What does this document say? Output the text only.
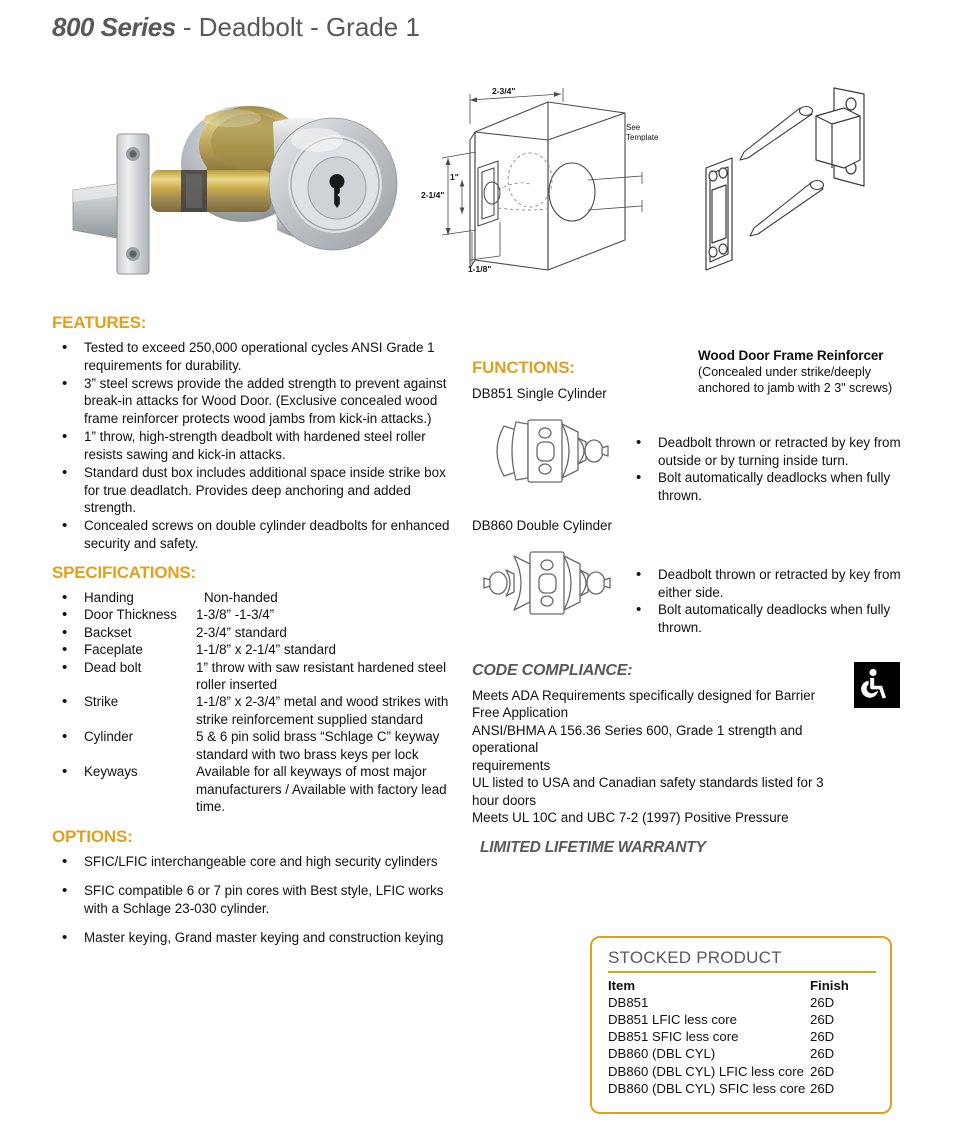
800 Series - Deadbolt - Grade 1
2-3/4"
2-1/4"
1"
1-1/8"
See
Template
Wood Door Frame Reinforcer
(Concealed under strike/deeply
anchored to jamb with 2 3" screws)
FEATURES:
• Tested to exceed 250,000 operational cycles ANSI Grade 1 requirements for durability.
• 3” steel screws provide the added strength to prevent against break-in attacks for Wood Door. (Exclusive concealed wood frame reinforcer protects wood jambs from kick-in attacks.)
• 1” throw, high-strength deadbolt with hardened steel roller resists sawing and kick-in attacks.
• Standard dust box includes additional space inside strike box for true deadlatch. Provides deep anchoring and added strength.
• Concealed screws on double cylinder deadbolts for enhanced security and safety.
SPECIFICATIONS:
• Handing	Non-handed
• Door Thickness	1-3/8” -1-3/4”
• Backset	2-3/4” standard
• Faceplate	1-1/8” x 2-1/4” standard
• Dead bolt	1” throw with saw resistant hardened steel roller inserted
• Strike	1-1/8” x 2-3/4” metal and wood strikes with strike reinforcement supplied standard
• Cylinder	5 & 6 pin solid brass “Schlage C” keyway standard with two brass keys per lock
• Keyways	Available for all keyways of most major manufacturers / Available with factory lead time.
OPTIONS:
• SFIC/LFIC interchangeable core and high security cylinders
• SFIC compatible 6 or 7 pin cores with Best style, LFIC works with a Schlage 23-030 cylinder.
• Master keying, Grand master keying and construction keying
FUNCTIONS:
DB851 Single Cylinder
• Deadbolt thrown or retracted by key from outside or by turning inside turn.
• Bolt automatically deadlocks when fully thrown.
DB860 Double Cylinder
• Deadbolt thrown or retracted by key from either side.
• Bolt automatically deadlocks when fully thrown.
CODE COMPLIANCE:
Meets ADA Requirements specifically designed for Barrier
Free Application
ANSI/BHMA A 156.36 Series 600, Grade 1 strength and operational
requirements
UL listed to USA and Canadian safety standards listed for 3 hour doors
Meets UL 10C and UBC 7-2 (1997) Positive Pressure
LIMITED LIFETIME WARRANTY
STOCKED PRODUCT
Item	Finish
DB851	26D
DB851 LFIC less core	26D
DB851 SFIC less core	26D
DB860 (DBL CYL)	26D
DB860 (DBL CYL) LFIC less core	26D
DB860 (DBL CYL) SFIC less core	26D
